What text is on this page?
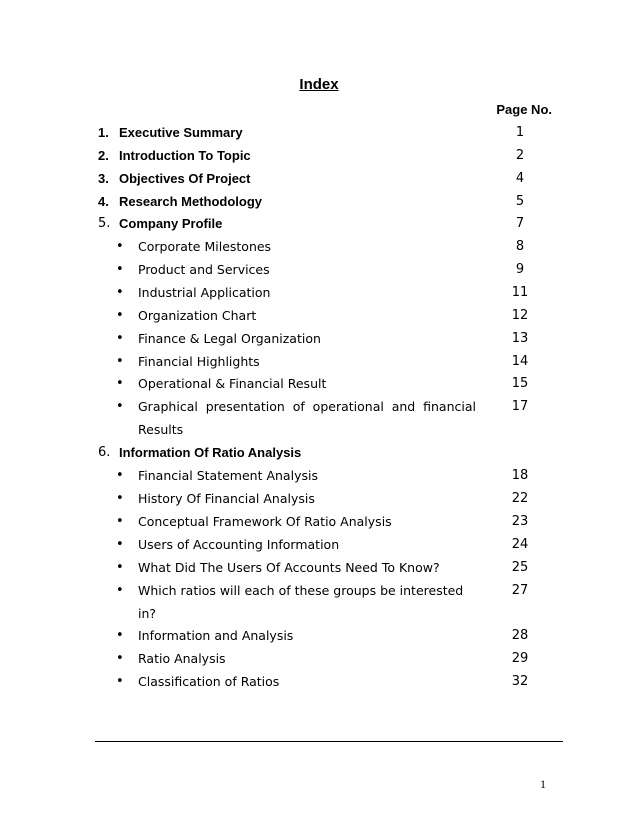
Index
Page No.
1. Executive Summary	1
2. Introduction To Topic	2
3. Objectives Of Project	4
4. Research Methodology	5
5. Company Profile	7
• Corporate Milestones	8
• Product and Services	9
• Industrial Application	11
• Organization Chart	12
• Finance & Legal Organization	13
• Financial Highlights	14
• Operational & Financial Result	15
• Graphical presentation of operational and financial	17
Results
6. Information Of Ratio Analysis
• Financial Statement Analysis	18
• History Of Financial Analysis	22
• Conceptual Framework Of Ratio Analysis	23
• Users of Accounting Information	24
• What Did The Users Of Accounts Need To Know?	25
• Which ratios will each of these groups be interested	27
in?
• Information and Analysis	28
• Ratio Analysis	29
• Classification of Ratios	32
1
